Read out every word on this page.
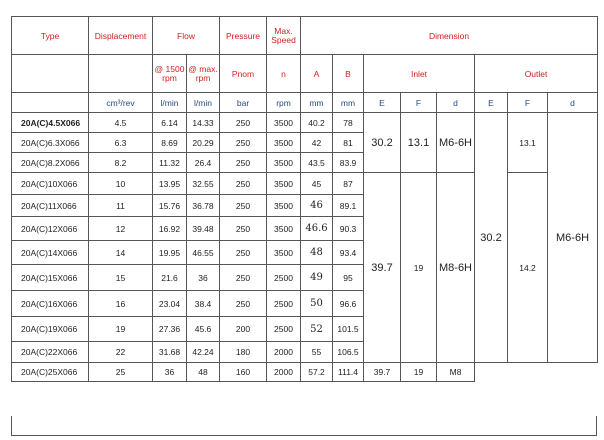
Type	Displacement	Flow		Pressure	Max. Speed	Dimension							
		@ 1500 rpm	@ max. rpm	Pnom	n	A	B	Inlet			Outlet		
	cm³/rev	l/min	l/min	bar	rpm	mm	mm	E	F	d	E	F	d
20A(C)4.5X066	4.5	6.14	14.33	250	3500	40.2	78	30.2	13.1	M6-6H	30.2	13.1	M6-6H
20A(C)6.3X066	6.3	8.69	20.29	250	3500	42	81						
20A(C)8.2X066	8.2	11.32	26.4	250	3500	43.5	83.9						
20A(C)10X066	10	13.95	32.55	250	3500	45	87	39.7	19	M8-6H		14.2	
20A(C)11X066	11	15.76	36.78	250	3500	46	89.1						
20A(C)12X066	12	16.92	39.48	250	3500	46.6	90.3						
20A(C)14X066	14	19.95	46.55	250	3500	48	93.4						
20A(C)15X066	15	21.6	36	250	2500	49	95						
20A(C)16X066	16	23.04	38.4	250	2500	50	96.6						
20A(C)19X066	19	27.36	45.6	200	2500	52	101.5						
20A(C)22X066	22	31.68	42.24	180	2000	55	106.5						
20A(C)25X066	25	36	48	160	2000	57.2	111.4	39.7	19	M8			
